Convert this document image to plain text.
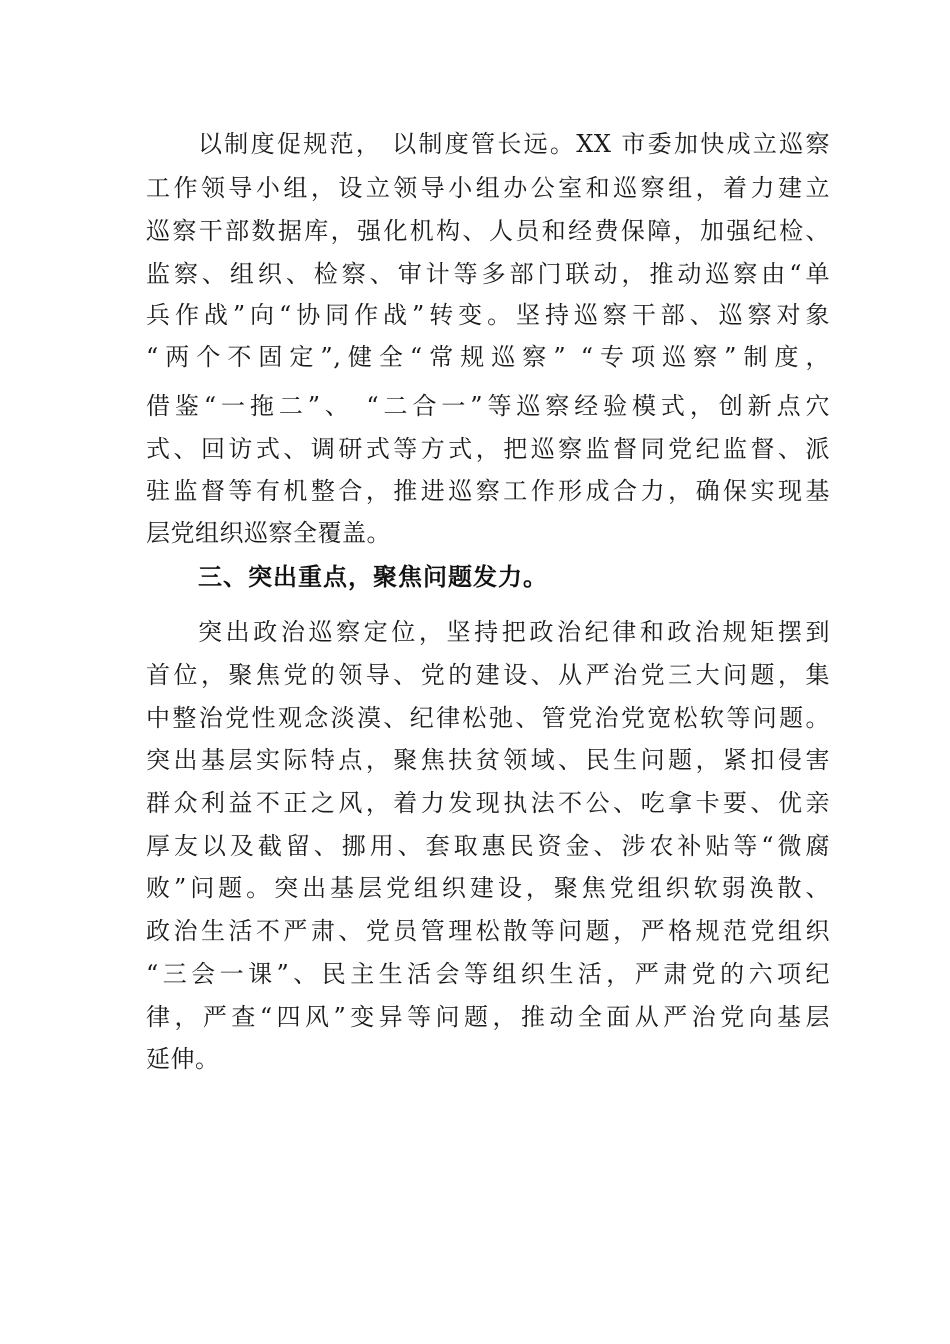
以制度促规范， 以制度管长远。XX 市委加快成立巡察
工作领导小组，设立领导小组办公室和巡察组，着力建立
巡察干部数据库，强化机构、人员和经费保障，加强纪检、
监察、组织、检察、审计等多部门联动，推动巡察由“单
兵作战”向“协同作战”转变。坚持巡察干部、巡察对象
“两个不固定”,健全“常规巡察” “专项巡察”制度，
借鉴“一拖二”、 “二合一”等巡察经验模式，创新点穴
式、回访式、调研式等方式，把巡察监督同党纪监督、派
驻监督等有机整合，推进巡察工作形成合力，确保实现基
层党组织巡察全覆盖。
三、突出重点，聚焦问题发力。
突出政治巡察定位，坚持把政治纪律和政治规矩摆到
首位，聚焦党的领导、党的建设、从严治党三大问题，集
中整治党性观念淡漠、纪律松弛、管党治党宽松软等问题。
突出基层实际特点，聚焦扶贫领域、民生问题，紧扣侵害
群众利益不正之风，着力发现执法不公、吃拿卡要、优亲
厚友以及截留、挪用、套取惠民资金、涉农补贴等“微腐
败”问题。突出基层党组织建设，聚焦党组织软弱涣散、
政治生活不严肃、党员管理松散等问题，严格规范党组织
“三会一课”、民主生活会等组织生活，严肃党的六项纪
律，严查“四风”变异等问题，推动全面从严治党向基层
延伸。
